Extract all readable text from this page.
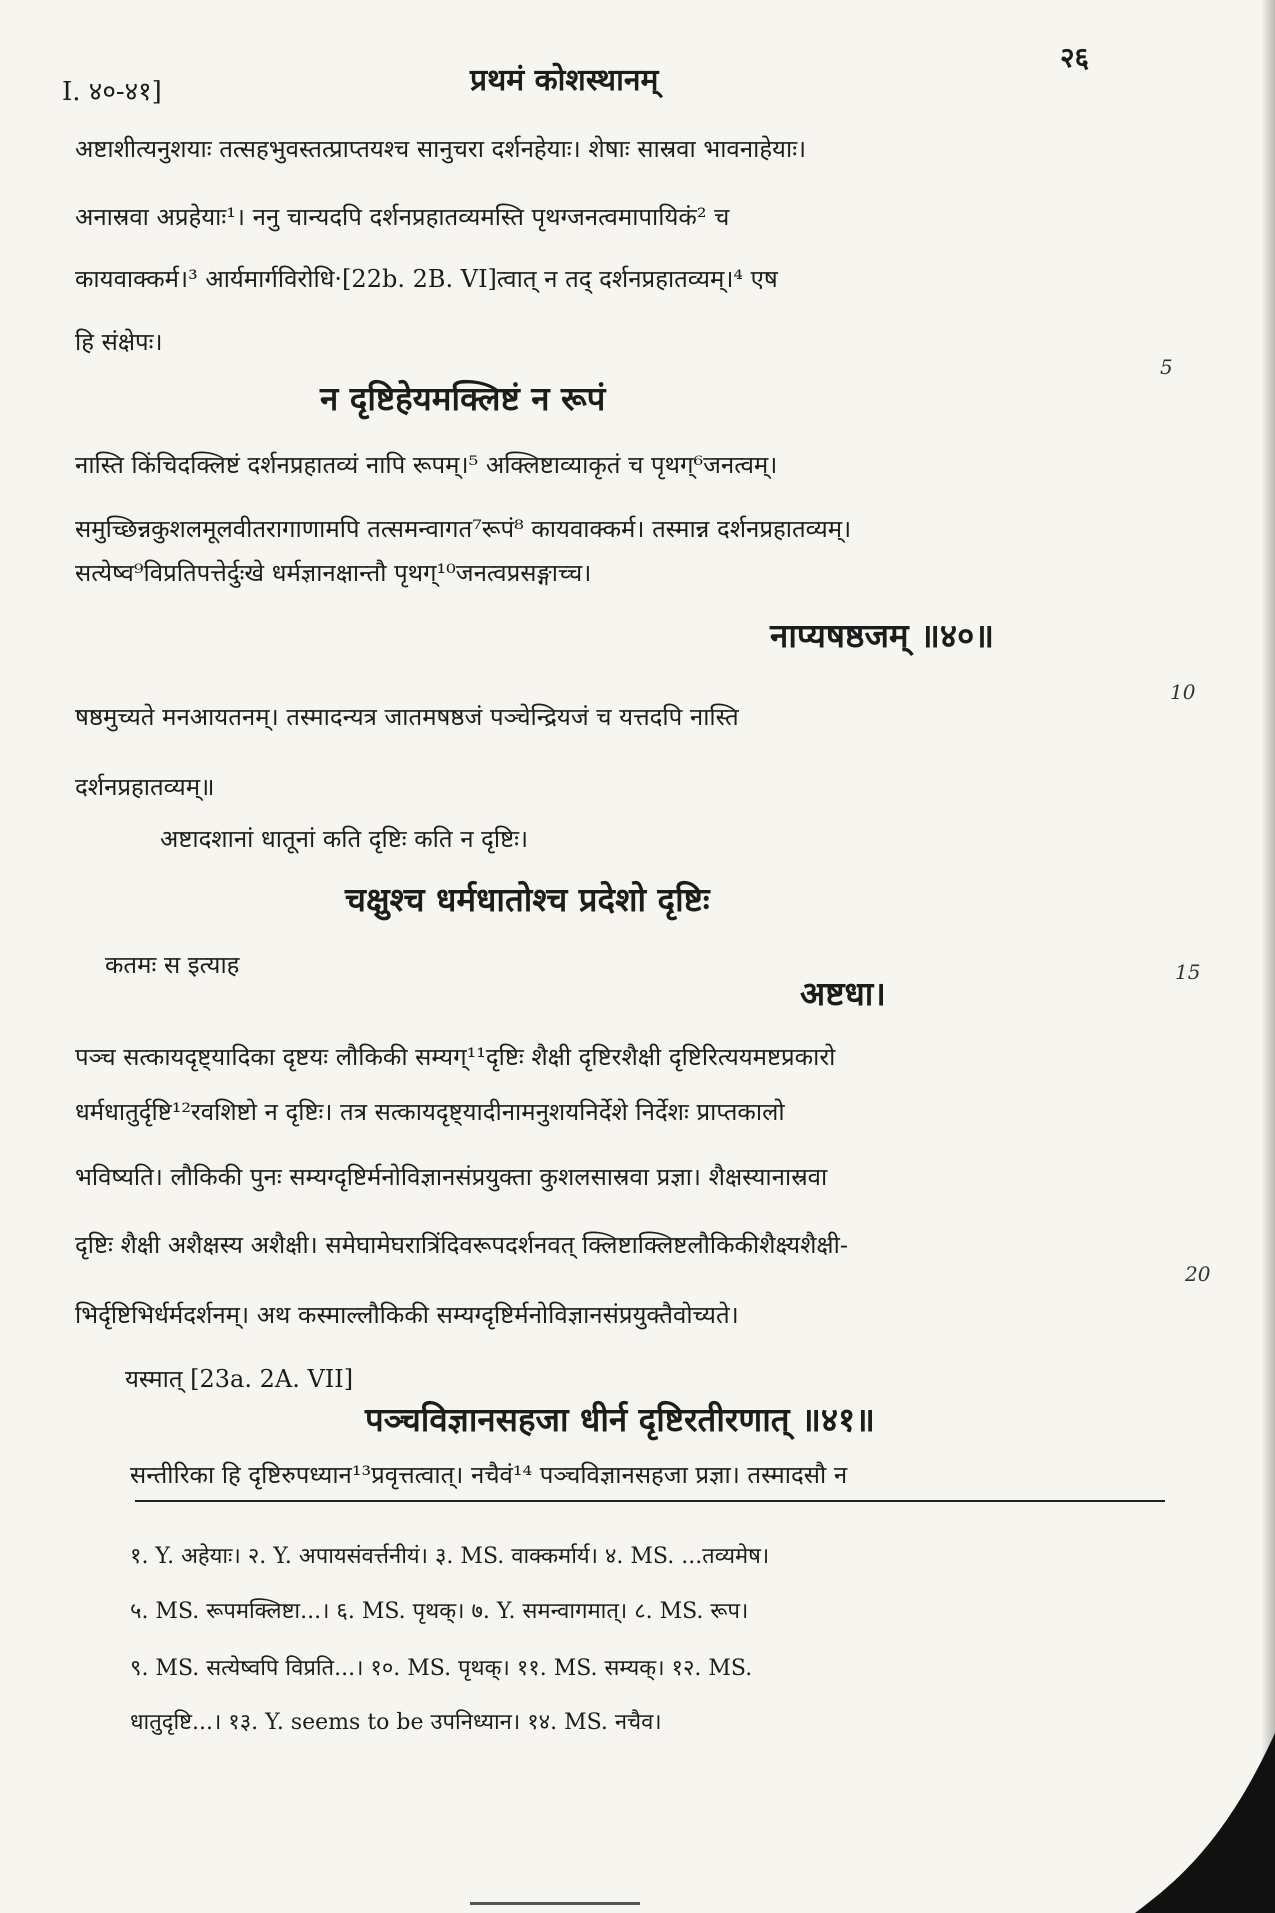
I. ४०-४१]	प्रथमं कोशस्थानम्
२६
अष्टाशीत्यनुशयाः तत्सहभुवस्तत्प्राप्तयश्च सानुचरा दर्शनहेयाः। शेषाः सास्रवा भावनाहेयाः।
अनास्रवा अप्रहेयाः¹। ननु चान्यदपि दर्शनप्रहातव्यमस्ति पृथग्जनत्वमापायिकं² च
कायवाक्कर्म।³ आर्यमार्गविरोधि·[22b. 2B. VI]त्वात् न तद् दर्शनप्रहातव्यम्।⁴ एष
हि संक्षेपः।
न दृष्टिहेयमक्लिष्टं न रूपं
5
नास्ति किंचिदक्लिष्टं दर्शनप्रहातव्यं नापि रूपम्।⁵ अक्लिष्टाव्याकृतं च पृथग्⁶जनत्वम्।
समुच्छिन्नकुशलमूलवीतरागाणामपि तत्समन्वागत⁷रूपं⁸ कायवाक्कर्म। तस्मान्न दर्शनप्रहातव्यम्।
सत्येष्व⁹विप्रतिपत्तेर्दुःखे धर्मज्ञानक्षान्तौ पृथग्¹⁰जनत्वप्रसङ्गाच्च।
नाप्यषष्ठजम् ॥४०॥
षष्ठमुच्यते मनआयतनम्। तस्मादन्यत्र जातमषष्ठजं पञ्चेन्द्रियजं च यत्तदपि नास्ति
10
दर्शनप्रहातव्यम्॥
अष्टादशानां धातूनां कति दृष्टिः कति न दृष्टिः।
चक्षुश्च धर्मधातोश्च प्रदेशो दृष्टिः
कतमः स इत्याह
अष्टधा।
15
पञ्च सत्कायदृष्ट्यादिका दृष्टयः लौकिकी सम्यग्¹¹दृष्टिः शैक्षी दृष्टिरशैक्षी दृष्टिरित्ययमष्टप्रकारो
धर्मधातुर्दृष्टि¹²रवशिष्टो न दृष्टिः। तत्र सत्कायदृष्ट्यादीनामनुशयनिर्देशे निर्देशः प्राप्तकालो
भविष्यति। लौकिकी पुनः सम्यग्दृष्टिर्मनोविज्ञानसंप्रयुक्ता कुशलसास्रवा प्रज्ञा। शैक्षस्यानास्रवा
दृष्टिः शैक्षी अशैक्षस्य अशैक्षी। समेघामेघरात्रिंदिवरूपदर्शनवत् क्लिष्टाक्लिष्टलौकिकीशैक्ष्यशैक्षी-
भिर्दृष्टिभिर्धर्मदर्शनम्। अथ कस्माल्लौकिकी सम्यग्दृष्टिर्मनोविज्ञानसंप्रयुक्तैवोच्यते।
20
यस्मात् [23a. 2A. VII]
पञ्चविज्ञानसहजा धीर्न दृष्टिरतीरणात् ॥४१॥
सन्तीरिका हि दृष्टिरुपध्यान¹³प्रवृत्तत्वात्। नचैवं¹⁴ पञ्चविज्ञानसहजा प्रज्ञा। तस्मादसौ न
१. Y. अहेयाः। २. Y. अपायसंवर्त्तनीयं। ३. MS. वाक्कर्मार्य। ४. MS. ...तव्यमेष।
५. MS. रूपमक्लिष्टा...। ६. MS. पृथक्। ७. Y. समन्वागमात्। ८. MS. रूप।
९. MS. सत्येष्वपि विप्रति...। १०. MS. पृथक्। ११. MS. सम्यक्। १२. MS.
धातुदृष्टि...। १३. Y. seems to be उपनिध्यान। १४. MS. नचैव।
